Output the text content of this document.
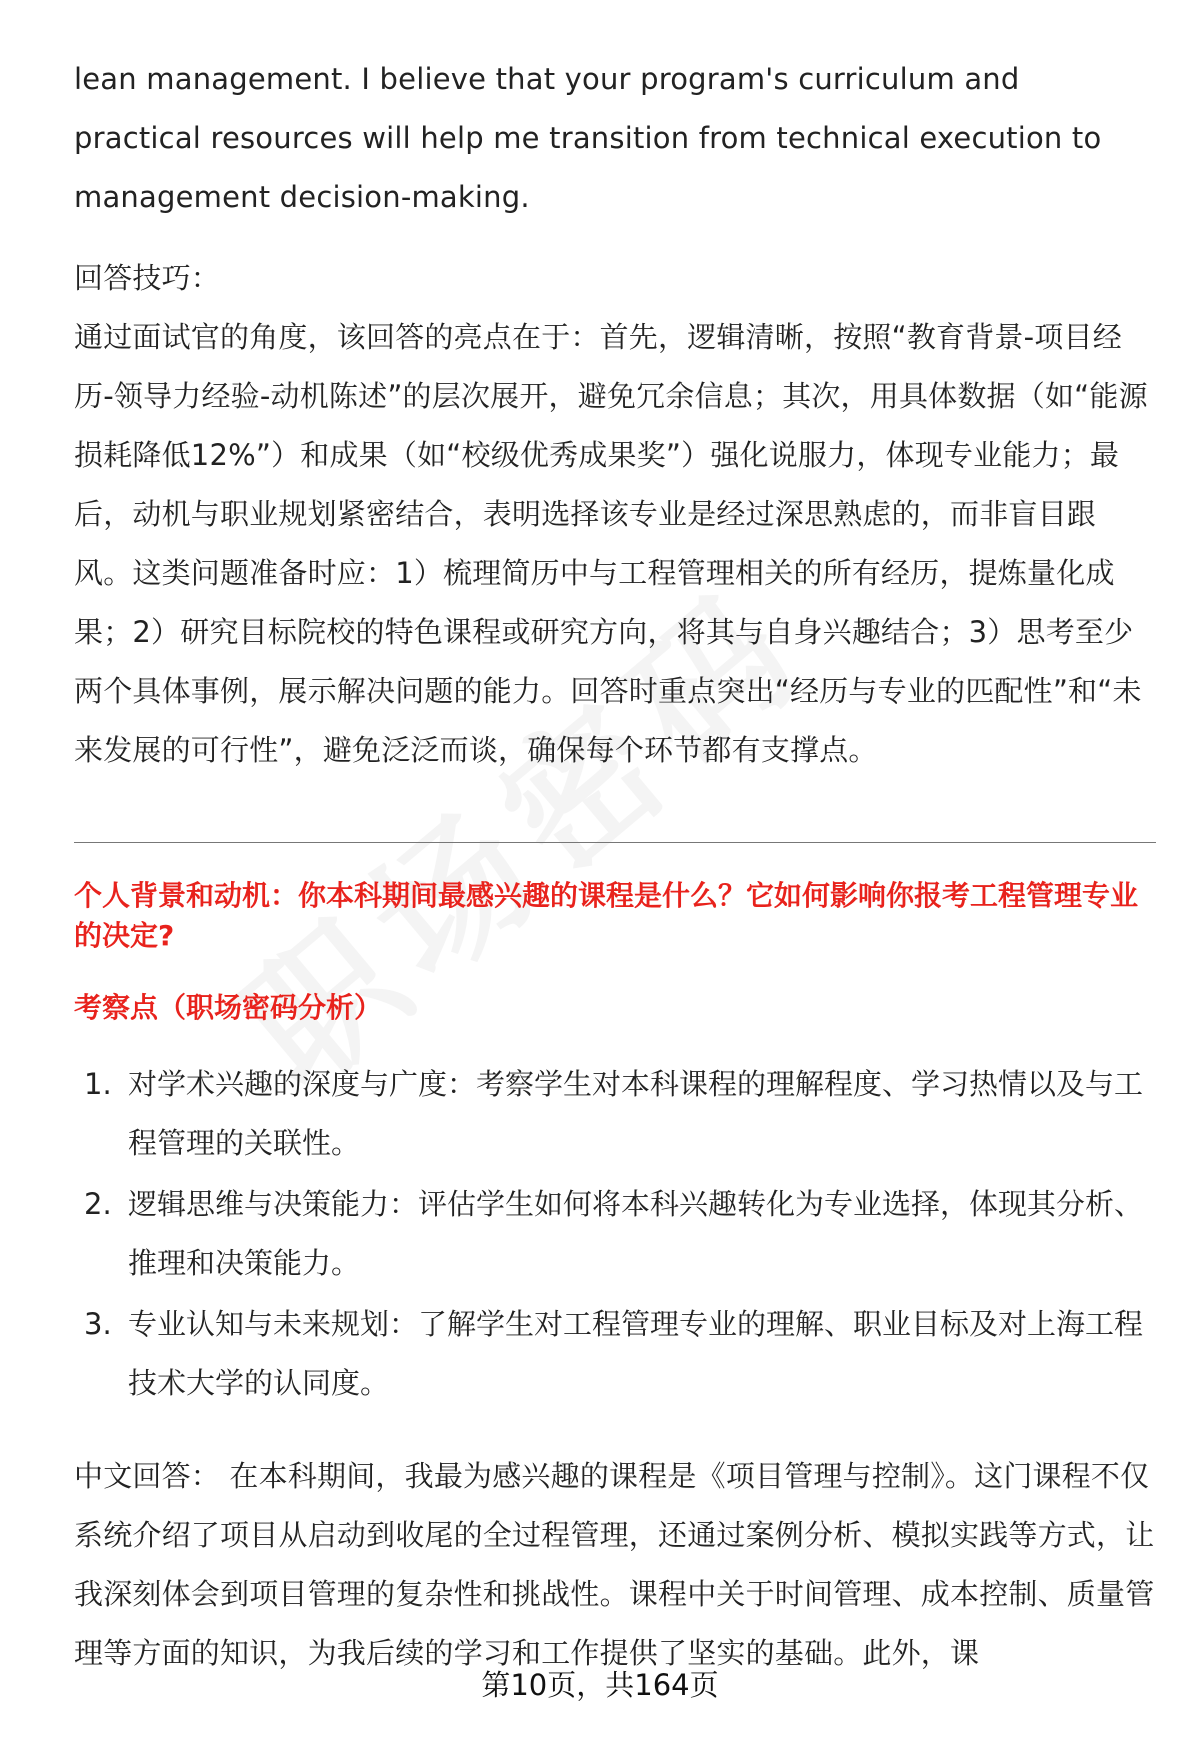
lean management. I believe that your program's curriculum and practical resources will help me transition from technical execution to management decision-making.

回答技巧：

通过面试官的角度，该回答的亮点在于：首先，逻辑清晰，按照“教育背景-项目经历-领导力经验-动机陈述”的层次展开，避免冗余信息；其次，用具体数据（如“能源损耗降低12%”）和成果（如“校级优秀成果奖”）强化说服力，体现专业能力；最后，动机与职业规划紧密结合，表明选择该专业是经过深思熟虑的，而非盲目跟风。这类问题准备时应：1）梳理简历中与工程管理相关的所有经历，提炼量化成果；2）研究目标院校的特色课程或研究方向，将其与自身兴趣结合；3）思考至少两个具体事例，展示解决问题的能力。回答时重点突出“经历与专业的匹配性”和“未来发展的可行性”，避免泛泛而谈，确保每个环节都有支撑点。

个人背景和动机：你本科期间最感兴趣的课程是什么？它如何影响你报考工程管理专业的决定?

考察点（职场密码分析）

1. 对学术兴趣的深度与广度：考察学生对本科课程的理解程度、学习热情以及与工程管理的关联性。
2. 逻辑思维与决策能力：评估学生如何将本科兴趣转化为专业选择，体现其分析、推理和决策能力。
3. 专业认知与未来规划：了解学生对工程管理专业的理解、职业目标及对上海工程技术大学的认同度。

中文回答： 在本科期间，我最为感兴趣的课程是《项目管理与控制》。这门课程不仅系统介绍了项目从启动到收尾的全过程管理，还通过案例分析、模拟实践等方式，让我深刻体会到项目管理的复杂性和挑战性。课程中关于时间管理、成本控制、质量管理等方面的知识，为我后续的学习和工作提供了坚实的基础。此外，课

第10页，共164页
